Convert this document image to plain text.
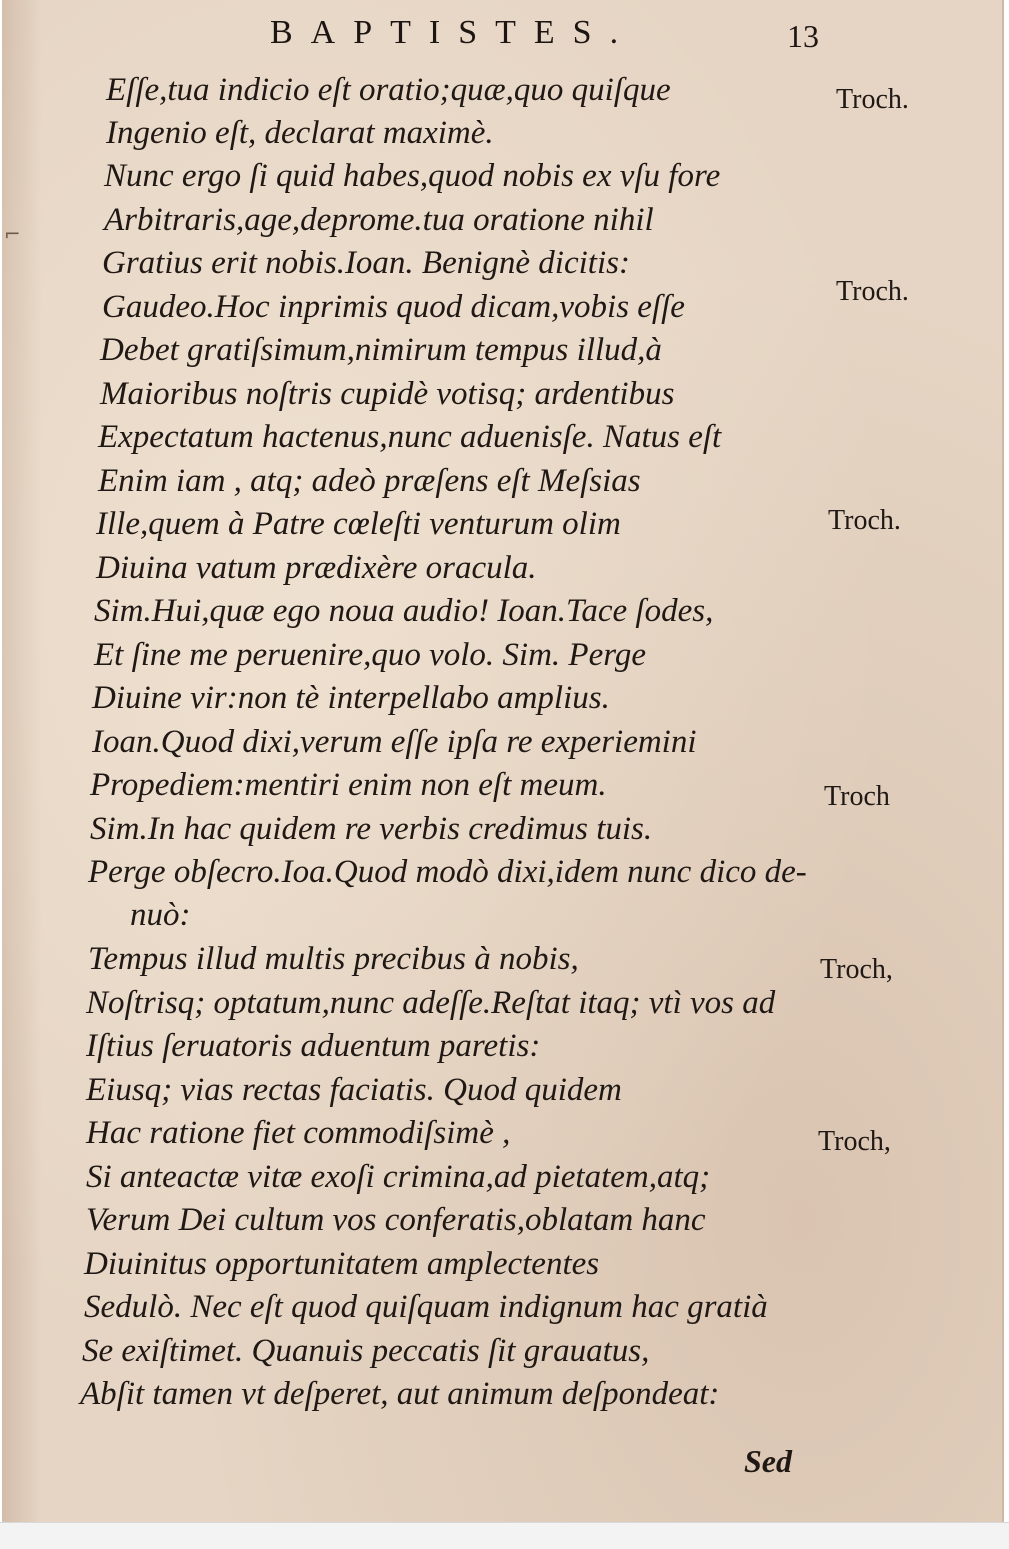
⌐
BAPTISTES.	13
Eſſe,tua indicio eſt oratio;quæ,quo quiſque
Ingenio eſt, declarat maximè.
Nunc ergo ſi quid habes,quod nobis ex vſu fore
Arbitraris,age,deprome.tua oratione nihil
Gratius erit nobis.Ioan. Benignè dicitis:
Gaudeo.Hoc inprimis quod dicam,vobis eſſe
Debet gratiſsimum,nimirum tempus illud,à
Maioribus noſtris cupidè votisq; ardentibus
Expectatum hactenus,nunc aduenisſe. Natus eſt
Enim iam , atq; adeò præſens eſt Meſsias
Ille,quem à Patre cœleſti venturum olim
Diuina vatum prædixère oracula.
Sim.Hui,quæ ego noua audio! Ioan.Tace ſodes,
Et ſine me peruenire,quo volo. Sim. Perge
Diuine vir:non tè interpellabo amplius.
Ioan.Quod dixi,verum eſſe ipſa re experiemini
Propediem:mentiri enim non eſt meum.
Sim.In hac quidem re verbis credimus tuis.
Perge obſecro.Ioa.Quod modò dixi,idem nunc dico de-
nuò:
Tempus illud multis precibus à nobis,
Noſtrisq; optatum,nunc adeſſe.Reſtat itaq; vtì vos ad
Iſtius ſeruatoris aduentum paretis:
Eiusq; vias rectas faciatis. Quod quidem
Hac ratione fiet commodiſsimè ,
Si anteactæ vitæ exoſi crimina,ad pietatem,atq;
Verum Dei cultum vos conferatis,oblatam hanc
Diuinitus opportunitatem amplectentes
Sedulò. Nec eſt quod quiſquam indignum hac gratià
Se exiſtimet. Quanuis peccatis ſit grauatus,
Abſit tamen vt deſperet, aut animum deſpondeat:
Troch.
Troch.
Troch.
Troch
Troch,
Troch,
Sed
